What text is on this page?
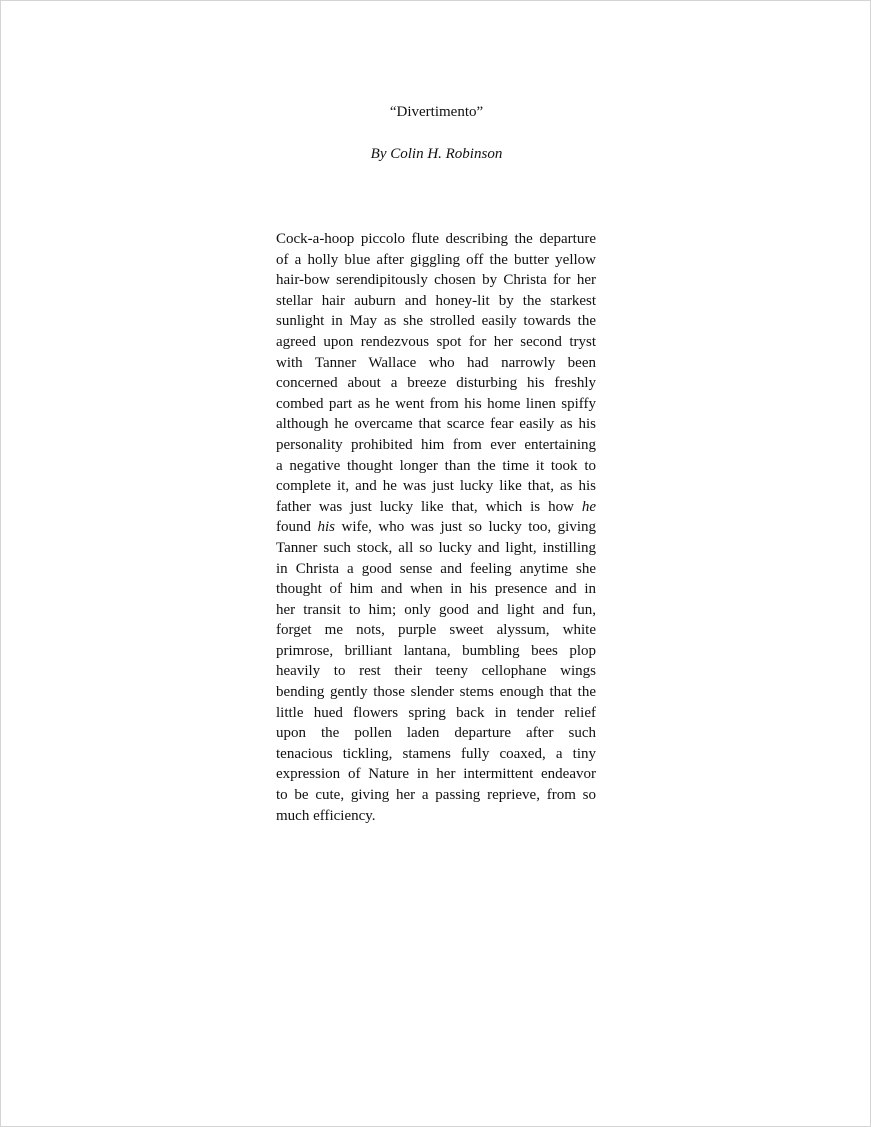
“Divertimento”

By Colin H. Robinson

Cock-a-hoop piccolo flute describing the departure
of a holly blue after giggling off the butter yellow
hair-bow serendipitously chosen by Christa for her
stellar hair auburn and honey-lit by the starkest
sunlight in May as she strolled easily towards the
agreed upon rendezvous spot for her second tryst
with Tanner Wallace who had narrowly been
concerned about a breeze disturbing his freshly
combed part as he went from his home linen spiffy
although he overcame that scarce fear easily as his
personality prohibited him from ever entertaining
a negative thought longer than the time it took to
complete it, and he was just lucky like that, as his
father was just lucky like that, which is how he
found his wife, who was just so lucky too, giving
Tanner such stock, all so lucky and light, instilling
in Christa a good sense and feeling anytime she
thought of him and when in his presence and in
her transit to him; only good and light and fun,
forget me nots, purple sweet alyssum, white
primrose, brilliant lantana, bumbling bees plop
heavily to rest their teeny cellophane wings
bending gently those slender stems enough that the
little hued flowers spring back in tender relief
upon the pollen laden departure after such
tenacious tickling, stamens fully coaxed, a tiny
expression of Nature in her intermittent endeavor
to be cute, giving her a passing reprieve, from so
much efficiency.
